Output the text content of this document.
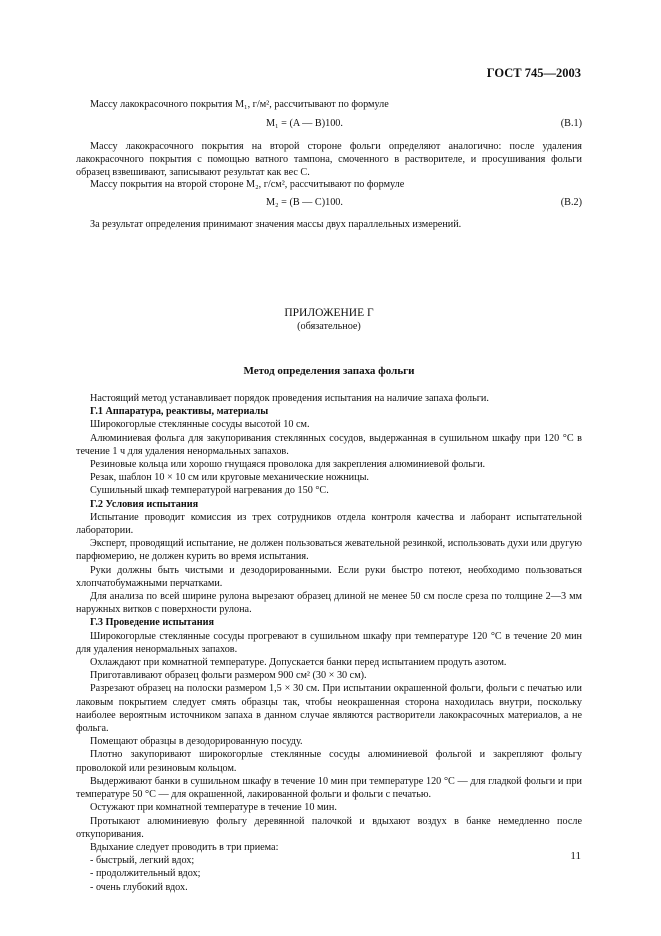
ГОСТ 745—2003
Массу лакокрасочного покрытия M₁, г/м², рассчитывают по формуле
M₁ = (A — B)100.	(В.1)
Массу лакокрасочного покрытия на второй стороне фольги определяют аналогично: после удаления лакокрасочного покрытия с помощью ватного тампона, смоченного в растворителе, и просушивания фольги образец взвешивают, записывают результат как вес C.
Массу покрытия на второй стороне M₂, г/см², рассчитывают по формуле
M₂ = (B — C)100.	(В.2)
За результат определения принимают значения массы двух параллельных измерений.
ПРИЛОЖЕНИЕ Г
(обязательное)
Метод определения запаха фольги
Настоящий метод устанавливает порядок проведения испытания на наличие запаха фольги.
Г.1 Аппаратура, реактивы, материалы
Широкогорлые стеклянные сосуды высотой 10 см.
Алюминиевая фольга для закупоривания стеклянных сосудов, выдержанная в сушильном шкафу при 120 °С в течение 1 ч для удаления ненормальных запахов.
Резиновые кольца или хорошо гнущаяся проволока для закрепления алюминиевой фольги.
Резак, шаблон 10 × 10 см или круговые механические ножницы.
Сушильный шкаф температурой нагревания до 150 °С.
Г.2 Условия испытания
Испытание проводит комиссия из трех сотрудников отдела контроля качества и лаборант испытательной лаборатории.
Эксперт, проводящий испытание, не должен пользоваться жевательной резинкой, использовать духи или другую парфюмерию, не должен курить во время испытания.
Руки должны быть чистыми и дезодорированными. Если руки быстро потеют, необходимо пользоваться хлопчатобумажными перчатками.
Для анализа по всей ширине рулона вырезают образец длиной не менее 50 см после среза по толщине 2—3 мм наружных витков с поверхности рулона.
Г.3 Проведение испытания
Широкогорлые стеклянные сосуды прогревают в сушильном шкафу при температуре 120 °С в течение 20 мин для удаления ненормальных запахов.
Охлаждают при комнатной температуре. Допускается банки перед испытанием продуть азотом.
Приготавливают образец фольги размером 900 см² (30 × 30 см).
Разрезают образец на полоски размером 1,5 × 30 см. При испытании окрашенной фольги, фольги с печатью или лаковым покрытием следует смять образцы так, чтобы неокрашенная сторона находилась внутри, поскольку наиболее вероятным источником запаха в данном случае являются растворители лакокрасочных материалов, а не фольга.
Помещают образцы в дезодорированную посуду.
Плотно закупоривают широкогорлые стеклянные сосуды алюминиевой фольгой и закрепляют фольгу проволокой или резиновым кольцом.
Выдерживают банки в сушильном шкафу в течение 10 мин при температуре 120 °С — для гладкой фольги и при температуре 50 °С — для окрашенной, лакированной фольги и фольги с печатью.
Остужают при комнатной температуре в течение 10 мин.
Протыкают алюминиевую фольгу деревянной палочкой и вдыхают воздух в банке немедленно после откупоривания.
Вдыхание следует проводить в три приема:
- быстрый, легкий вдох;
- продолжительный вдох;
- очень глубокий вдох.
11
